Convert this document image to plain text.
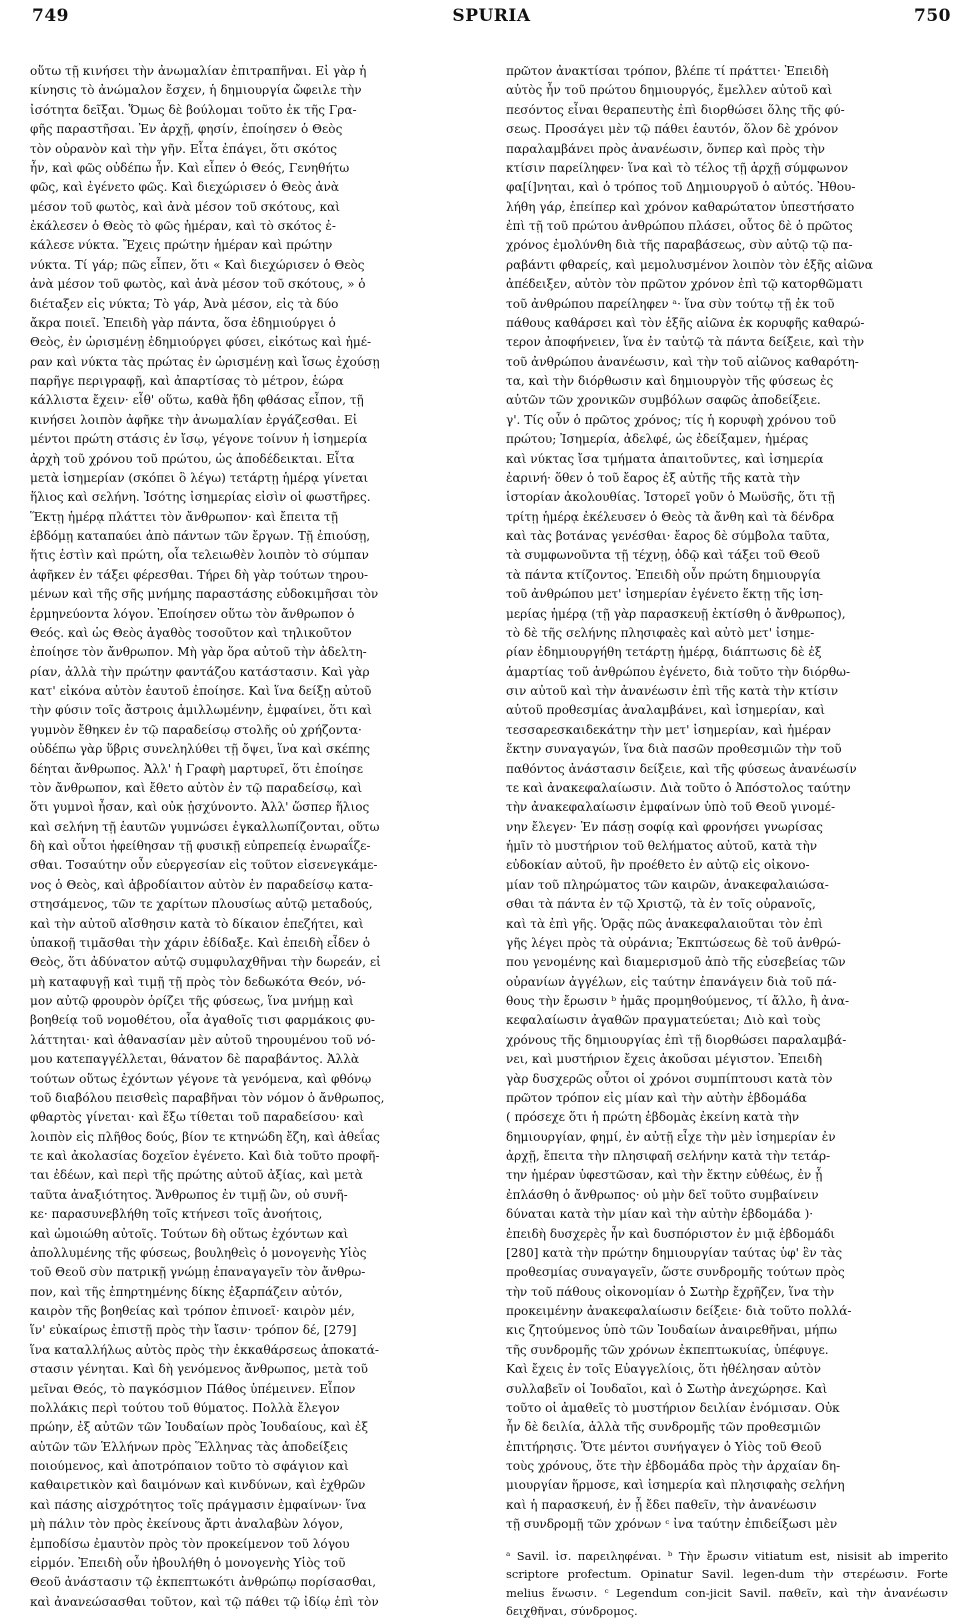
749	SPURIA	750

οὕτω τῇ κινήσει τὴν ἀνωμαλίαν ἐπιτραπῆναι. Εἰ γὰρ ἡ
κίνησις τὸ ἀνώμαλον ἔσχεν, ἡ δημιουργία ὤφειλε τὴν
ἰσότητα δεῖξαι. Ὅμως δὲ βούλομαι τοῦτο ἐκ τῆς Γρα-
φῆς παραστῆσαι. Ἐν ἀρχῇ, φησίν, ἐποίησεν ὁ Θεὸς
τὸν οὐρανὸν καὶ τὴν γῆν. Εἶτα ἐπάγει, ὅτι σκότος
ἦν, καὶ φῶς οὐδέπω ἦν. Καὶ εἶπεν ὁ Θεός, Γενηθήτω
φῶς, καὶ ἐγένετο φῶς. Καὶ διεχώρισεν ὁ Θεὸς ἀνὰ
μέσον τοῦ φωτὸς, καὶ ἀνὰ μέσον τοῦ σκότους, καὶ
ἐκάλεσεν ὁ Θεὸς τὸ φῶς ἡμέραν, καὶ τὸ σκότος ἐ-
κάλεσε νύκτα. Ἔχεις πρώτην ἡμέραν καὶ πρώτην
νύκτα. Τί γάρ; πῶς εἶπεν, ὅτι « Καὶ διεχώρισεν ὁ Θεὸς
ἀνὰ μέσον τοῦ φωτὸς, καὶ ἀνὰ μέσον τοῦ σκότους, » ὁ
διέταξεν εἰς νύκτα; Τὸ γάρ, Ἀνὰ μέσον, εἰς τὰ δύο
ἄκρα ποιεῖ. Ἐπειδὴ γὰρ πάντα, ὅσα ἐδημιούργει ὁ
Θεὸς, ἐν ὡρισμένῃ ἐδημιούργει φύσει, εἰκότως καὶ ἡμέ-
ραν καὶ νύκτα τὰς πρώτας ἐν ὡρισμένῃ καὶ ἴσως ἐχούσῃ
παρῆγε περιγραφῇ, καὶ ἀπαρτίσας τὸ μέτρον, ἑώρα
κάλλιστα ἔχειν· εἶθ' οὕτω, καθὰ ἤδη φθάσας εἶπον, τῇ
κινήσει λοιπὸν ἀφῆκε τὴν ἀνωμαλίαν ἐργάζεσθαι. Εἰ
μέντοι πρώτη στάσις ἐν ἴσῳ, γέγονε τοίνυν ἡ ἰσημερία
ἀρχὴ τοῦ χρόνου τοῦ πρώτου, ὡς ἀποδέδεικται. Εἶτα
μετὰ ἰσημερίαν (σκόπει ὃ λέγω) τετάρτῃ ἡμέρᾳ γίνεται
ἥλιος καὶ σελήνη. Ἰσότης ἰσημερίας εἰσὶν οἱ φωστῆρες.
Ἕκτῃ ἡμέρᾳ πλάττει τὸν ἄνθρωπον· καὶ ἔπειτα τῇ
ἑβδόμῃ καταπαύει ἀπὸ πάντων τῶν ἔργων. Τῇ ἐπιούσῃ,
ἥτις ἐστὶν καὶ πρώτη, οἷα τελειωθὲν λοιπὸν τὸ σύμπαν
ἀφῆκεν ἐν τάξει φέρεσθαι. Τήρει δὴ γὰρ τούτων τηρου-
μένων καὶ τῆς σῆς μνήμης παραστάσης εὐδοκιμῆσαι τὸν
ἑρμηνεύοντα λόγον. Ἐποίησεν οὕτω τὸν ἄνθρωπον ὁ
Θεός. καὶ ὡς Θεὸς ἀγαθὸς τοσοῦτον καὶ τηλικοῦτον
ἐποίησε τὸν ἄνθρωπον. Μὴ γὰρ ὅρα αὐτοῦ τὴν ἀδελτη-
ρίαν, ἀλλὰ τὴν πρώτην φαντάζου κατάστασιν. Καὶ γὰρ
κατ' εἰκόνα αὐτὸν ἑαυτοῦ ἐποίησε. Καὶ ἵνα δείξῃ αὐτοῦ
τὴν φύσιν τοῖς ἄστροις ἁμιλλωμένην, ἐμφαίνει, ὅτι καὶ
γυμνὸν ἔθηκεν ἐν τῷ παραδείσῳ στολῆς οὐ χρήζοντα·
οὐδέπω γὰρ ὕβρις συνεληλύθει τῇ ὄψει, ἵνα καὶ σκέπης
δέηται ἄνθρωπος. Ἀλλ' ἡ Γραφὴ μαρτυρεῖ, ὅτι ἐποίησε
τὸν ἄνθρωπον, καὶ ἔθετο αὐτὸν ἐν τῷ παραδείσῳ, καὶ
ὅτι γυμνοὶ ἦσαν, καὶ οὐκ ᾐσχύνοντο. Ἀλλ' ὥσπερ ἥλιος
καὶ σελήνη τῇ ἑαυτῶν γυμνώσει ἐγκαλλωπίζονται, οὕτω
δὴ καὶ οὗτοι ἠφείθησαν τῇ φυσικῇ εὐπρεπείᾳ ἐνωραΐζε-
σθαι. Τοσαύτην οὖν εὐεργεσίαν εἰς τοῦτον εἰσενεγκάμε-
νος ὁ Θεὸς, καὶ ἀβροδίαιτον αὐτὸν ἐν παραδείσῳ κατα-
στησάμενος, τῶν τε χαρίτων πλουσίως αὐτῷ μεταδούς,
καὶ τὴν αὐτοῦ αἴσθησιν κατὰ τὸ δίκαιον ἐπεζήτει, καὶ
ὑπακοῇ τιμᾶσθαι τὴν χάριν ἐδίδαξε. Καὶ ἐπειδὴ εἶδεν ὁ
Θεὸς, ὅτι ἀδύνατον αὐτῷ συμφυλαχθῆναι τὴν δωρεάν, εἰ
μὴ καταφυγῇ καὶ τιμῇ τῇ πρὸς τὸν δεδωκότα Θεόν, νό-
μον αὐτῷ φρουρὸν ὁρίζει τῆς φύσεως, ἵνα μνήμῃ καὶ
βοηθείᾳ τοῦ νομοθέτου, οἷα ἀγαθοῖς τισι φαρμάκοις φυ-
λάττηται· καὶ ἀθανασίαν μὲν αὐτοῦ τηρουμένου τοῦ νό-
μου κατεπαγγέλλεται, θάνατον δὲ παραβάντος. Ἀλλὰ
τούτων οὕτως ἐχόντων γέγονε τὰ γενόμενα, καὶ φθόνῳ
τοῦ διαβόλου πεισθεὶς παραβῆναι τὸν νόμον ὁ ἄνθρωπος,
φθαρτὸς γίνεται· καὶ ἔξω τίθεται τοῦ παραδείσου· καὶ
λοιπὸν εἰς πλῆθος δούς, βίον τε κτηνώδη ἔζη, καὶ ἀθεΐας
τε καὶ ἀκολασίας δοχεῖον ἐγένετο. Καὶ διὰ τοῦτο προφῆ-
ται ἐδέων, καὶ περὶ τῆς πρώτης αὐτοῦ ἀξίας, καὶ μετὰ
ταῦτα ἀναξιότητος. Ἄνθρωπος ἐν τιμῇ ὢν, οὐ συνῆ-
κε· παρασυνεβλήθη τοῖς κτήνεσι τοῖς ἀνοήτοις,
καὶ ὡμοιώθη αὐτοῖς. Τούτων δὴ οὕτως ἐχόντων καὶ
ἀπολλυμένης τῆς φύσεως, βουληθεὶς ὁ μονογενὴς Υἱὸς
τοῦ Θεοῦ σὺν πατρικῇ γνώμῃ ἐπαναγαγεῖν τὸν ἄνθρω-
πον, καὶ τῆς ἐπηρτημένης δίκης ἐξαρπάζειν αὐτόν,
καιρὸν τῆς βοηθείας καὶ τρόπον ἐπινοεῖ· καιρὸν μέν,
ἵν' εὐκαίρως ἐπιστῇ πρὸς τὴν ἴασιν· τρόπον δέ, [279]
ἵνα καταλλήλως αὐτὸς πρὸς τὴν ἐκκαθάρσεως ἀποκατά-
στασιν γένηται. Καὶ δὴ γενόμενος ἄνθρωπος, μετὰ τοῦ
μεῖναι Θεός, τὸ παγκόσμιον Πάθος ὑπέμεινεν. Εἶπον
πολλάκις περὶ τούτου τοῦ θύματος. Πολλὰ ἔλεγον
πρώην, ἐξ αὐτῶν τῶν Ἰουδαίων πρὸς Ἰουδαίους, καὶ ἐξ
αὐτῶν τῶν Ἑλλήνων πρὸς Ἕλληνας τὰς ἀποδείξεις
ποιούμενος, καὶ ἀποτρόπαιον τοῦτο τὸ σφάγιον καὶ
καθαιρετικὸν καὶ δαιμόνων καὶ κινδύνων, καὶ ἐχθρῶν
καὶ πάσης αἰσχρότητος τοῖς πράγμασιν ἐμφαίνων· ἵνα
μὴ πάλιν τὸν πρὸς ἐκείνους ἄρτι ἀναλαβὼν λόγον,
ἐμποδίσω ἐμαυτὸν πρὸς τὸν προκείμενον τοῦ λόγου
εἱρμόν. Ἐπειδὴ οὖν ἠβουλήθη ὁ μονογενὴς Υἱὸς τοῦ
Θεοῦ ἀνάστασιν τῷ ἐκπεπτωκότι ἀνθρώπῳ πορίσασθαι,
καὶ ἀνανεώσασθαι τοῦτον, καὶ τῷ πάθει τῷ ἰδίῳ ἐπὶ τὸν

πρῶτον ἀνακτίσαι τρόπον, βλέπε τί πράττει· Ἐπειδὴ
αὐτὸς ἦν τοῦ πρώτου δημιουργός, ἔμελλεν αὐτοῦ καὶ
πεσόντος εἶναι θεραπευτὴς ἐπὶ διορθώσει ὅλης τῆς φύ-
σεως. Προσάγει μὲν τῷ πάθει ἑαυτόν, ὅλον δὲ χρόνον
παραλαμβάνει πρὸς ἀνανέωσιν, ὅνπερ καὶ πρὸς τὴν
κτίσιν παρείληφεν· ἵνα καὶ τὸ τέλος τῇ ἀρχῇ σύμφωνον
φα[ί]νηται, καὶ ὁ τρόπος τοῦ Δημιουργοῦ ὁ αὐτός. Ἠθου-
λήθη γάρ, ἐπείπερ καὶ χρόνον καθαρώτατον ὑπεστήσατο
ἐπὶ τῇ τοῦ πρώτου ἀνθρώπου πλάσει, οὗτος δὲ ὁ πρῶτος
χρόνος ἐμολύνθη διὰ τῆς παραβάσεως, σὺν αὐτῷ τῷ πα-
ραβάντι φθαρείς, καὶ μεμολυσμένον λοιπὸν τὸν ἑξῆς αἰῶνα
ἀπέδειξεν, αὐτὸν τὸν πρῶτον χρόνον ἐπὶ τῷ κατορθῶματι
τοῦ ἀνθρώπου παρείληφεν ᵃ· ἵνα σὺν τούτῳ τῇ ἐκ τοῦ
πάθους καθάρσει καὶ τὸν ἑξῆς αἰῶνα ἐκ κορυφῆς καθαρώ-
τερον ἀποφήνειεν, ἵνα ἐν ταὐτῷ τὰ πάντα δείξειε, καὶ τὴν
τοῦ ἀνθρώπου ἀνανέωσιν, καὶ τὴν τοῦ αἰῶνος καθαρότη-
τα, καὶ τὴν διόρθωσιν καὶ δημιουργὸν τῆς φύσεως ἐς
αὐτῶν τῶν χρονικῶν συμβόλων σαφῶς ἀποδείξειε.
γ'. Τίς οὖν ὁ πρῶτος χρόνος; τίς ἡ κορυφὴ χρόνου τοῦ
πρώτου; Ἰσημερία, ἀδελφέ, ὡς ἐδείξαμεν, ἡμέρας
καὶ νύκτας ἴσα τμήματα ἀπαιτοῦντες, καὶ ἰσημερία
ἐαρινή· ὅθεν ὁ τοῦ ἔαρος ἐξ αὐτῆς τῆς κατὰ τὴν
ἱστορίαν ἀκολουθίας. Ἱστορεῖ γοῦν ὁ Μωϋσῆς, ὅτι τῇ
τρίτῃ ἡμέρᾳ ἐκέλευσεν ὁ Θεὸς τὰ ἄνθη καὶ τὰ δένδρα
καὶ τὰς βοτάνας γενέσθαι· ἔαρος δὲ σύμβολα ταῦτα,
τὰ συμφωνοῦντα τῇ τέχνῃ, ὁδῷ καὶ τάξει τοῦ Θεοῦ
τὰ πάντα κτίζοντος. Ἐπειδὴ οὖν πρώτη δημιουργία
τοῦ ἀνθρώπου μετ' ἰσημερίαν ἐγένετο ἕκτῃ τῆς ἰση-
μερίας ἡμέρᾳ (τῇ γὰρ παρασκευῇ ἐκτίσθη ὁ ἄνθρωπος),
τὸ δὲ τῆς σελήνης πλησιφαὲς καὶ αὐτὸ μετ' ἰσημε-
ρίαν ἐδημιουργήθη τετάρτῃ ἡμέρᾳ, διάπτωσις δὲ ἐξ
ἁμαρτίας τοῦ ἀνθρώπου ἐγένετο, διὰ τοῦτο τὴν διόρθω-
σιν αὐτοῦ καὶ τὴν ἀνανέωσιν ἐπὶ τῆς κατὰ τὴν κτίσιν
αὐτοῦ προθεσμίας ἀναλαμβάνει, καὶ ἰσημερίαν, καὶ
τεσσαρεσκαιδεκάτην τὴν μετ' ἰσημερίαν, καὶ ἡμέραν
ἕκτην συναγαγών, ἵνα διὰ πασῶν προθεσμιῶν τὴν τοῦ
παθόντος ἀνάστασιν δείξειε, καὶ τῆς φύσεως ἀνανέωσίν
τε καὶ ἀνακεφαλαίωσιν. Διὰ τοῦτο ὁ Ἀπόστολος ταύτην
τὴν ἀνακεφαλαίωσιν ἐμφαίνων ὑπὸ τοῦ Θεοῦ γινομέ-
νην ἔλεγεν· Ἐν πάσῃ σοφίᾳ καὶ φρονήσει γνωρίσας
ἡμῖν τὸ μυστήριον τοῦ θελήματος αὐτοῦ, κατὰ τὴν
εὐδοκίαν αὐτοῦ, ἣν προέθετο ἐν αὐτῷ εἰς οἰκονο-
μίαν τοῦ πληρώματος τῶν καιρῶν, ἀνακεφαλαιώσα-
σθαι τὰ πάντα ἐν τῷ Χριστῷ, τὰ ἐν τοῖς οὐρανοῖς,
καὶ τὰ ἐπὶ γῆς. Ὁρᾷς πῶς ἀνακεφαλαιοῦται τὸν ἐπὶ
γῆς λέγει πρὸς τὰ οὐράνια; Ἐκπτώσεως δὲ τοῦ ἀνθρώ-
που γενομένης καὶ διαμερισμοῦ ἀπὸ τῆς εὐσεβείας τῶν
οὐρανίων ἀγγέλων, εἰς ταύτην ἐπανάγειν διὰ τοῦ πά-
θους τὴν ἔρωσιν ᵇ ἡμᾶς προμηθούμενος, τί ἄλλο, ἢ ἀνα-
κεφαλαίωσιν ἀγαθῶν πραγματεύεται; Διὸ καὶ τοὺς
χρόνους τῆς δημιουργίας ἐπὶ τῇ διορθώσει παραλαμβά-
νει, καὶ μυστήριον ἔχεις ἀκοῦσαι μέγιστον. Ἐπειδὴ
γὰρ δυσχερῶς οὗτοι οἱ χρόνοι συμπίπτουσι κατὰ τὸν
πρῶτον τρόπον εἰς μίαν καὶ τὴν αὐτὴν ἑβδομάδα
( πρόσεχε ὅτι ἡ πρώτη ἑβδομὰς ἐκείνη κατὰ τὴν
δημιουργίαν, φημί, ἐν αὐτῇ εἶχε τὴν μὲν ἰσημερίαν ἐν
ἀρχῇ, ἔπειτα τὴν πλησιφαῆ σελήνην κατὰ τὴν τετάρ-
την ἡμέραν ὑφεστῶσαν, καὶ τὴν ἕκτην εὐθέως, ἐν ᾗ
ἐπλάσθη ὁ ἄνθρωπος· οὐ μὴν δεῖ τοῦτο συμβαίνειν
δύναται κατὰ τὴν μίαν καὶ τὴν αὐτὴν ἑβδομάδα )·
ἐπειδὴ δυσχερὲς ἦν καὶ δυσπόριστον ἐν μιᾷ ἑβδομάδι
[280] κατὰ τὴν πρώτην δημιουργίαν ταύτας ὑφ' ἓν τὰς
προθεσμίας συναγαγεῖν, ὥστε συνδρομῆς τούτων πρὸς
τὴν τοῦ πάθους οἰκονομίαν ὁ Σωτὴρ ἔχρῆζεν, ἵνα τὴν
προκειμένην ἀνακεφαλαίωσιν δείξειε· διὰ τοῦτο πολλά-
κις ζητούμενος ὑπὸ τῶν Ἰουδαίων ἀναιρεθῆναι, μήπω
τῆς συνδρομῆς τῶν χρόνων ἐκπεπτωκυίας, ὑπέφυγε.
Καὶ ἔχεις ἐν τοῖς Εὐαγγελίοις, ὅτι ἠθέλησαν αὐτὸν
συλλαβεῖν οἱ Ἰουδαῖοι, καὶ ὁ Σωτὴρ ἀνεχώρησε. Καὶ
τοῦτο οἱ ἀμαθεῖς τὸ μυστήριον δειλίαν ἐνόμισαν. Οὐκ
ἦν δὲ δειλία, ἀλλὰ τῆς συνδρομῆς τῶν προθεσμιῶν
ἐπιτήρησις. Ὅτε μέντοι συνήγαγεν ὁ Υἱὸς τοῦ Θεοῦ
τοὺς χρόνους, ὅτε τὴν ἑβδομάδα πρὸς τὴν ἀρχαίαν δη-
μιουργίαν ἥρμοσε, καὶ ἰσημερία καὶ πλησιφαὴς σελήνη
καὶ ἡ παρασκευή, ἐν ᾗ ἔδει παθεῖν, τὴν ἀνανέωσιν
τῇ συνδρομῇ τῶν χρόνων ᶜ ἰνα ταύτην ἐπιδείξωσι μὲν

ᵃ Savil. ἰσ. παρειληφέναι. ᵇ Τὴν ἔρωσιν vitiatum est, nisisit ab imperito scriptore profectum. Opinatur Savil. legen-dum τὴν στερέωσιν. Forte melius ἕνωσιν. ᶜ Legendum con-jicit Savil. παθεῖν, καὶ τὴν ἀνανέωσιν δειχθῆναι, σύνδρομος.
